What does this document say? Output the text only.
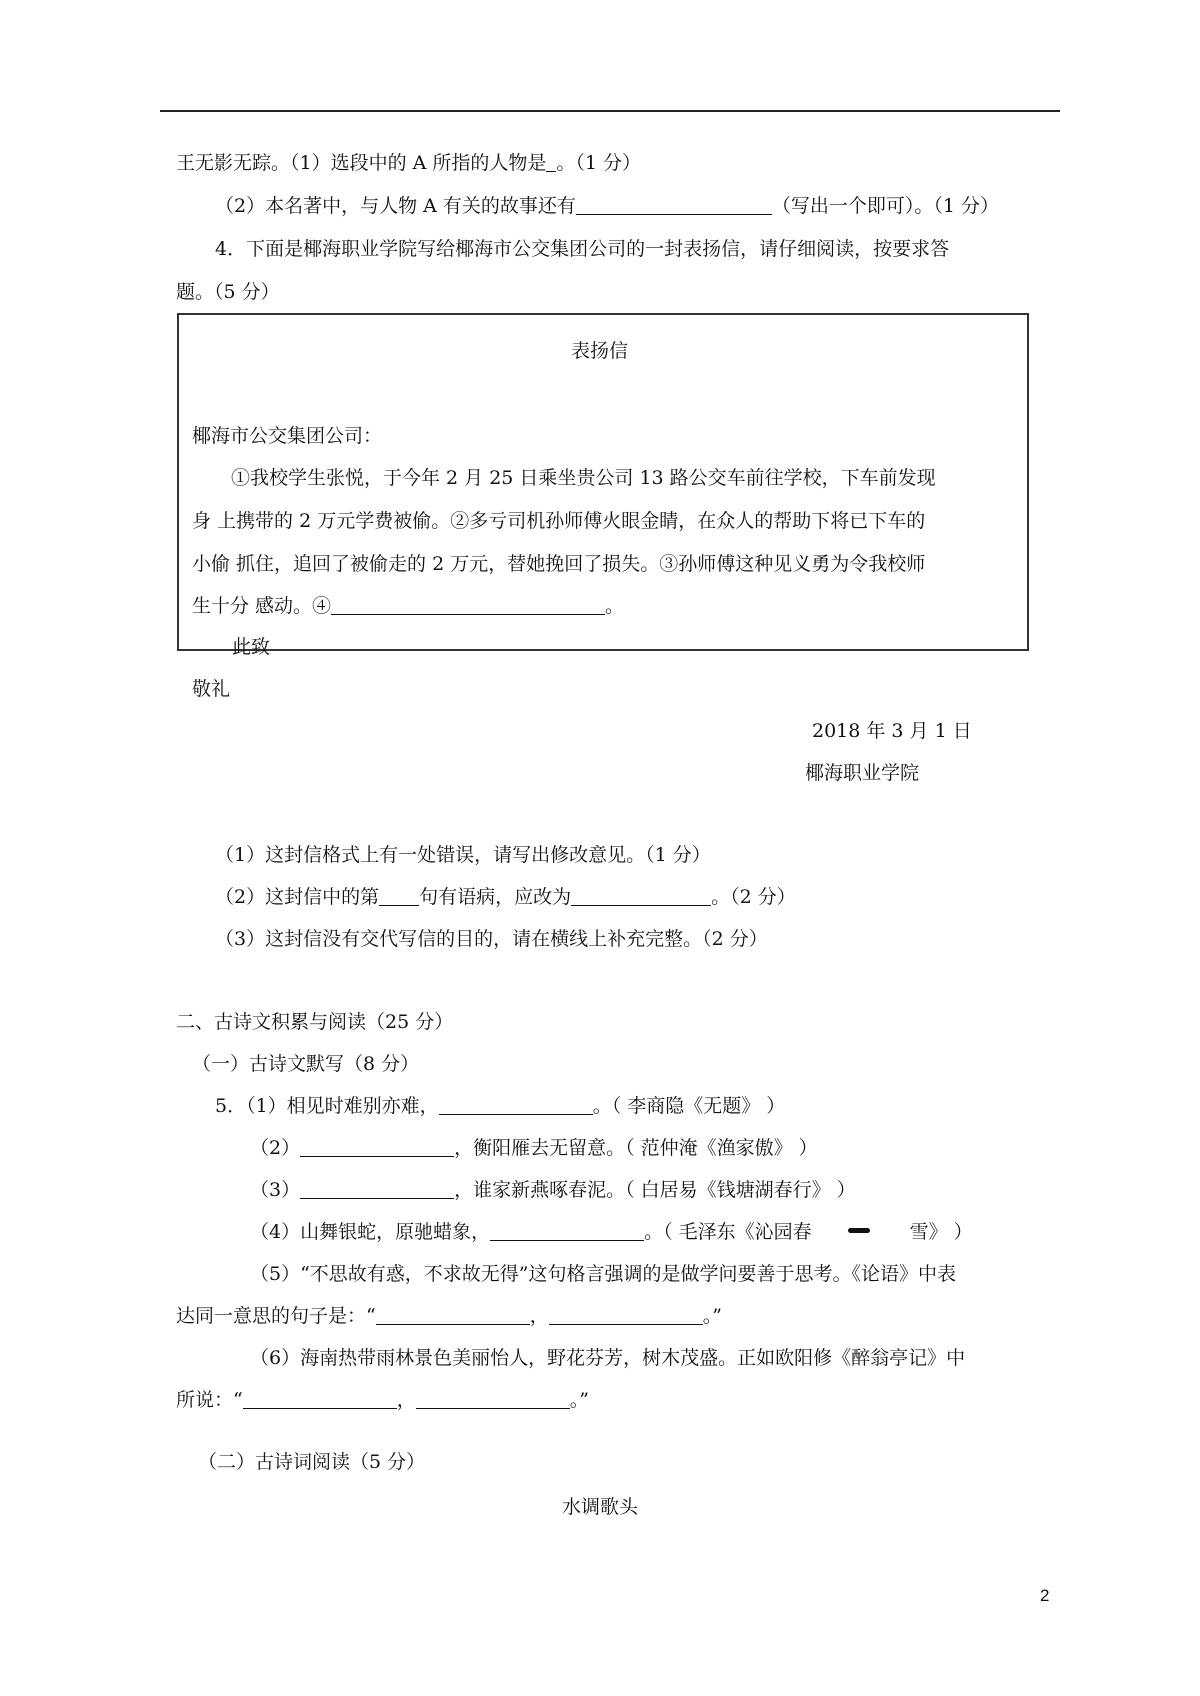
王无影无踪。（1）选段中的 A 所指的人物是 。（1 分）
（2）本名著中，与人物 A 有关的故事还有	（写出一个即可）。（1 分）
4．下面是椰海职业学院写给椰海市公交集团公司的一封表扬信，请仔细阅读，按要求答
题。（5 分）
表扬信
椰海市公交集团公司：
①我校学生张悦，于今年 2 月 25 日乘坐贵公司 13 路公交车前往学校，下车前发现
身 上携带的 2 万元学费被偷。②多亏司机孙师傅火眼金睛，在众人的帮助下将已下车的
小偷 抓住，追回了被偷走的 2 万元，替她挽回了损失。③孙师傅这种见义勇为令我校师
生十分 感动。④	。
此致
敬礼
2018 年 3 月 1 日
椰海职业学院
（1）这封信格式上有一处错误，请写出修改意见。（1 分）
（2）这封信中的第 句有语病，应改为	。（2 分）
（3）这封信没有交代写信的目的，请在横线上补充完整。（2 分）
二、古诗文积累与阅读（25 分）
（一）古诗文默写（8 分）
5．（1）相见时难别亦难，	。（ 李商隐《无题》 ）
（2）	，衡阳雁去无留意。（ 范仲淹《渔家傲》 ）
（3）	，谁家新燕啄春泥。（ 白居易《钱塘湖春行》 ）
（4）山舞银蛇，原驰蜡象，	。（ 毛泽东《沁园春	雪》 ）
（5）“不思故有惑，不求故无得”这句格言强调的是做学问要善于思考。《论语》中表
达同一意思的句子是：“	，	。”
（6）海南热带雨林景色美丽怡人，野花芬芳，树木茂盛。正如欧阳修《醉翁亭记》中
所说：“	，	。”
（二）古诗词阅读（5 分）
水调歌头
2
